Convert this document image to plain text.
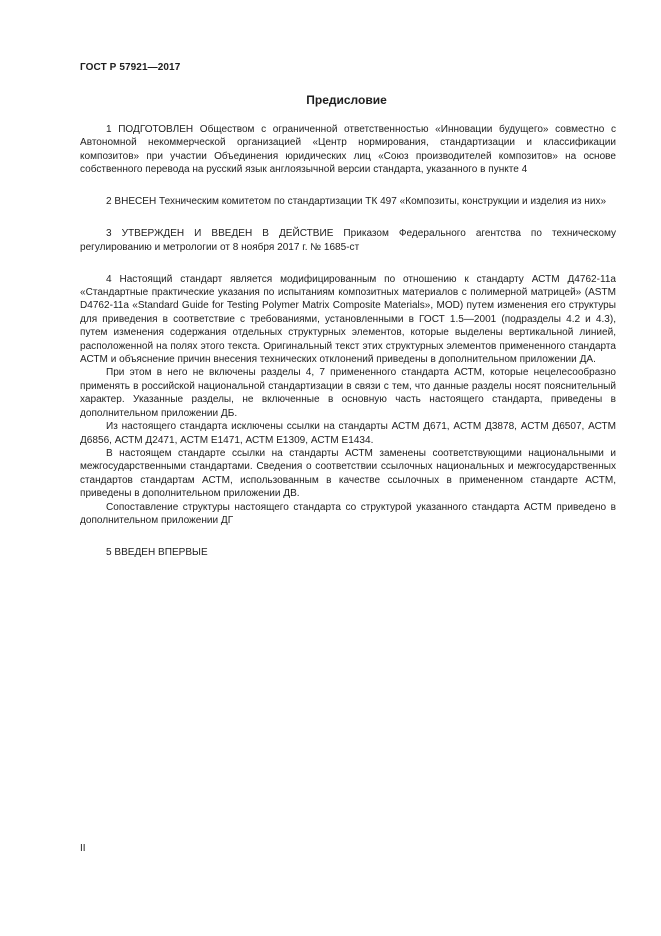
ГОСТ Р 57921—2017
Предисловие

1 ПОДГОТОВЛЕН Обществом с ограниченной ответственностью «Инновации будущего» совместно с Автономной некоммерческой организацией «Центр нормирования, стандартизации и классификации композитов» при участии Объединения юридических лиц «Союз производителей композитов» на основе собственного перевода на русский язык англоязычной версии стандарта, указанного в пункте 4

2 ВНЕСЕН Техническим комитетом по стандартизации ТК 497 «Композиты, конструкции и изделия из них»

3 УТВЕРЖДЕН И ВВЕДЕН В ДЕЙСТВИЕ Приказом Федерального агентства по техническому регулированию и метрологии от 8 ноября 2017 г. № 1685-ст

4 Настоящий стандарт является модифицированным по отношению к стандарту АСТМ Д4762-11а «Стандартные практические указания по испытаниям композитных материалов с полимерной матрицей» (ASTM D4762-11a «Standard Guide for Testing Polymer Matrix Composite Materials», MOD) путем изменения его структуры для приведения в соответствие с требованиями, установленными в ГОСТ 1.5—2001 (подразделы 4.2 и 4.3), путем изменения содержания отдельных структурных элементов, которые выделены вертикальной линией, расположенной на полях этого текста. Оригинальный текст этих структурных элементов примененного стандарта АСТМ и объяснение причин внесения технических отклонений приведены в дополнительном приложении ДА.

При этом в него не включены разделы 4, 7 примененного стандарта АСТМ, которые нецелесообразно применять в российской национальной стандартизации в связи с тем, что данные разделы носят пояснительный характер. Указанные разделы, не включенные в основную часть настоящего стандарта, приведены в дополнительном приложении ДБ.

Из настоящего стандарта исключены ссылки на стандарты АСТМ Д671, АСТМ Д3878, АСТМ Д6507, АСТМ Д6856, АСТМ Д2471, АСТМ Е1471, АСТМ Е1309, АСТМ Е1434.

В настоящем стандарте ссылки на стандарты АСТМ заменены соответствующими национальными и межгосударственными стандартами. Сведения о соответствии ссылочных национальных и межгосударственных стандартов стандартам АСТМ, использованным в качестве ссылочных в примененном стандарте АСТМ, приведены в дополнительном приложении ДВ.

Сопоставление структуры настоящего стандарта со структурой указанного стандарта АСТМ приведено в дополнительном приложении ДГ

5 ВВЕДЕН ВПЕРВЫЕ

II
